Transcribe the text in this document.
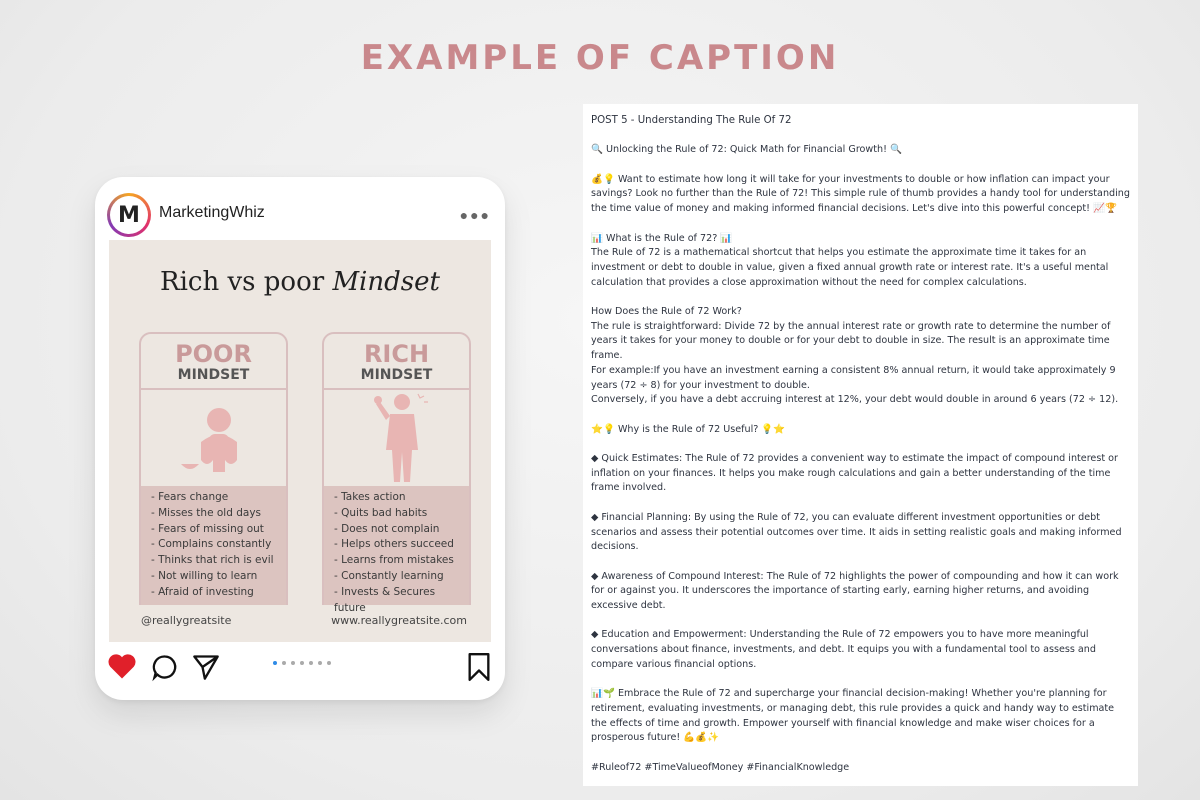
EXAMPLE OF CAPTION
M	MarketingWhiz	●●●
Rich vs poor Mindset
POOR
MINDSET
- Fears change
- Misses the old days
- Fears of missing out
- Complains constantly
- Thinks that rich is evil
- Not willing to learn
- Afraid of investing
RICH
MINDSET
- Takes action
- Quits bad habits
- Does not complain
- Helps others succeed
- Learns from mistakes
- Constantly learning
- Invests & Secures future
@reallygreatsite	www.reallygreatsite.com

POST 5 - Understanding The Rule Of 72

🔍 Unlocking the Rule of 72: Quick Math for Financial Growth! 🔍

💰💡 Want to estimate how long it will take for your investments to double or how inflation can impact your savings? Look no further than the Rule of 72! This simple rule of thumb provides a handy tool for understanding the time value of money and making informed financial decisions. Let's dive into this powerful concept! 📈🏆

📊 What is the Rule of 72? 📊
The Rule of 72 is a mathematical shortcut that helps you estimate the approximate time it takes for an investment or debt to double in value, given a fixed annual growth rate or interest rate. It's a useful mental calculation that provides a close approximation without the need for complex calculations.

How Does the Rule of 72 Work?
The rule is straightforward: Divide 72 by the annual interest rate or growth rate to determine the number of years it takes for your money to double or for your debt to double in size. The result is an approximate time frame.
For example:If you have an investment earning a consistent 8% annual return, it would take approximately 9 years (72 ÷ 8) for your investment to double.
Conversely, if you have a debt accruing interest at 12%, your debt would double in around 6 years (72 ÷ 12).

⭐💡 Why is the Rule of 72 Useful? 💡⭐

◆ Quick Estimates: The Rule of 72 provides a convenient way to estimate the impact of compound interest or inflation on your finances. It helps you make rough calculations and gain a better understanding of the time frame involved.

◆ Financial Planning: By using the Rule of 72, you can evaluate different investment opportunities or debt scenarios and assess their potential outcomes over time. It aids in setting realistic goals and making informed decisions.

◆ Awareness of Compound Interest: The Rule of 72 highlights the power of compounding and how it can work for or against you. It underscores the importance of starting early, earning higher returns, and avoiding excessive debt.

◆ Education and Empowerment: Understanding the Rule of 72 empowers you to have more meaningful conversations about finance, investments, and debt. It equips you with a fundamental tool to assess and compare various financial options.

📊🌱 Embrace the Rule of 72 and supercharge your financial decision-making! Whether you're planning for retirement, evaluating investments, or managing debt, this rule provides a quick and handy way to estimate the effects of time and growth. Empower yourself with financial knowledge and make wiser choices for a prosperous future! 💪💰✨

#Ruleof72 #TimeValueofMoney #FinancialKnowledge
